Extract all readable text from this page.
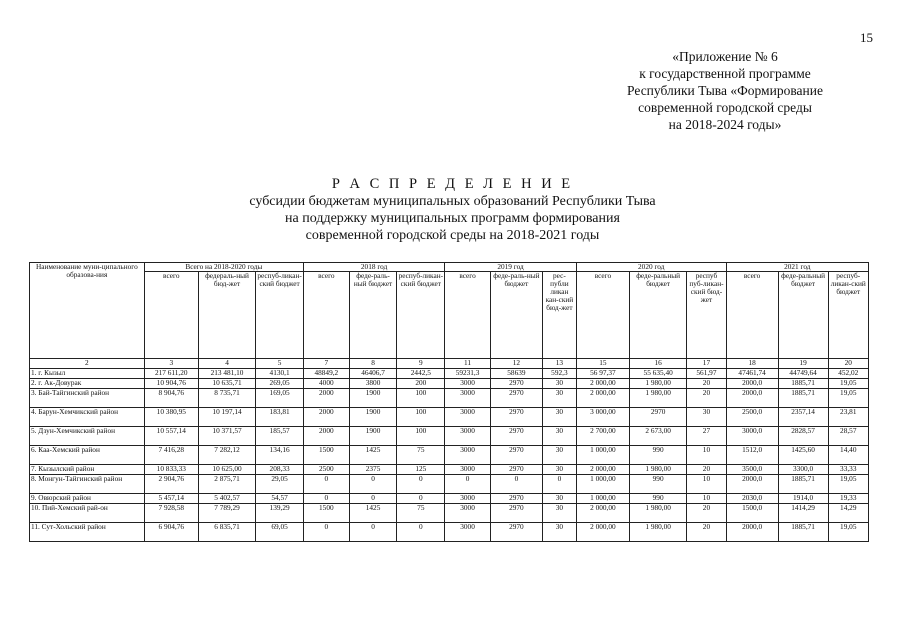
15
«Приложение № 6
к государственной программе
Республики Тыва «Формирование
современной городской среды
на 2018-2024 годы»
Р А С П Р Е Д Е Л Е Н И Е
субсидии бюджетам муниципальных образований Республики Тыва
на поддержку муниципальных программ формирования
современной городской среды на 2018-2021 годы
Наименование муни-ципального образова-ния	Всего на 2018-2020 годы			2018 год			2019 год			2020 год			2021 год		
	всего	федераль-ный бюд-жет	респуб-ликан-ский бюджет	всего	феде-раль-ный бюджет	респуб-ликан-ский бюджет	всего	феде-раль-ный бюджет	рес-публи ликан кан-ский бюд-жет	всего	феде-ральный бюджет	респуб пуб-ликан-ский бюд-жет	всего	феде-ральный бюджет	респуб-ликан-ский бюджет
2	3	4	5	7	8	9	11	12	13	15	16	17	18	19	20
1. г. Кызыл	217 611,20	213 481,10	4130,1	48849,2	46406,7	2442,5	59231,3	58639	592,3	56 97,37	55 635,40	561,97	47461,74	44749,64	452,02
2. г. Ак-Довурак	10 904,76	10 635,71	269,05	4000	3800	200	3000	2970	30	2 000,00	1 980,00	20	2000,0	1885,71	19,05
3. Бай-Тайгинский район	8 904,76	8 735,71	169,05	2000	1900	100	3000	2970	30	2 000,00	1 980,00	20	2000,0	1885,71	19,05
4. Барун-Хемчикский район	10 380,95	10 197,14	183,81	2000	1900	100	3000	2970	30	3 000,00	2970	30	2500,0	2357,14	23,81
5. Дзун-Хемчикский район	10 557,14	10 371,57	185,57	2000	1900	100	3000	2970	30	2 700,00	2 673,00	27	3000,0	2828,57	28,57
6. Каа-Хемский район	7 416,28	7 282,12	134,16	1500	1425	75	3000	2970	30	1 000,00	990	10	1512,0	1425,60	14,40
7. Кызылский район	10 833,33	10 625,00	208,33	2500	2375	125	3000	2970	30	2 000,00	1 980,00	20	3500,0	3300,0	33,33
8. Монгун-Тайгинский район	2 904,76	2 875,71	29,05	0	0	0	0	0	0	1 000,00	990	10	2000,0	1885,71	19,05
9. Овюрский район	5 457,14	5 402,57	54,57	0	0	0	3000	2970	30	1 000,00	990	10	2030,0	1914,0	19,33
10. Пий-Хемский рай-он	7 928,58	7 789,29	139,29	1500	1425	75	3000	2970	30	2 000,00	1 980,00	20	1500,0	1414,29	14,29
11. Сут-Хольский район	6 904,76	6 835,71	69,05	0	0	0	3000	2970	30	2 000,00	1 980,00	20	2000,0	1885,71	19,05
